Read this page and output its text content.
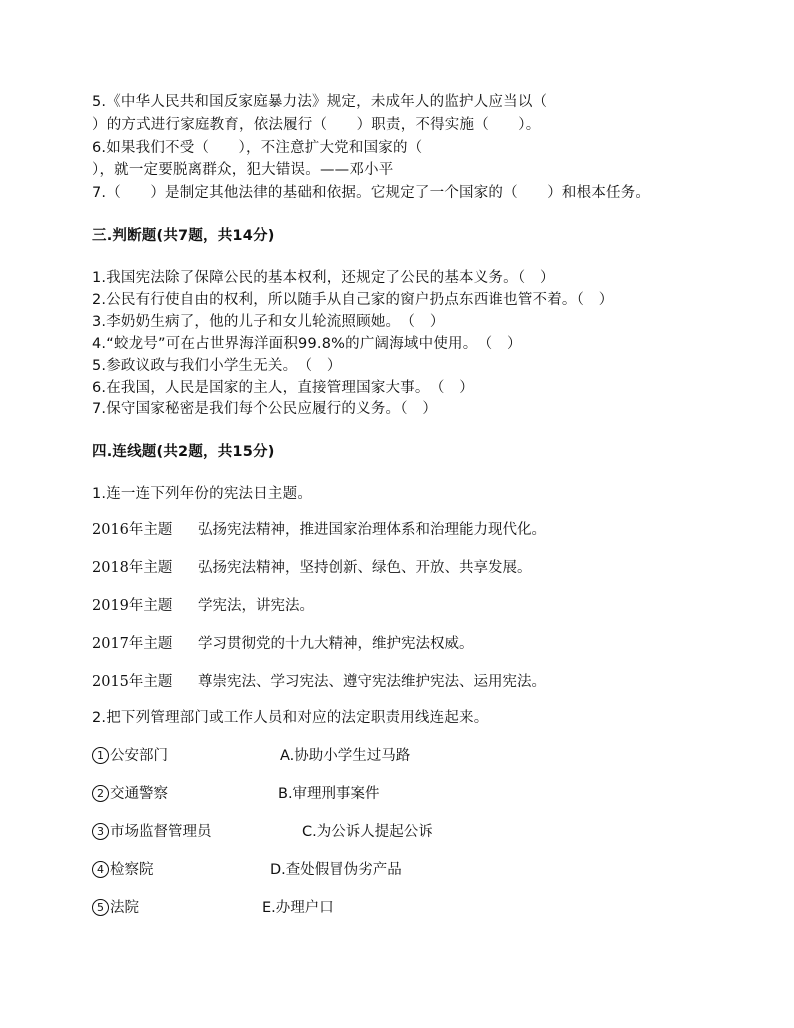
5.《中华人民共和国反家庭暴力法》规定，未成年人的监护人应当以（
）的方式进行家庭教育，依法履行（　　）职责，不得实施（　　）。
6.如果我们不受（　　），不注意扩大党和国家的（
），就一定要脱离群众，犯大错误。——邓小平
7.（　　）是制定其他法律的基础和依据。它规定了一个国家的（　　）和根本任务。
三.判断题(共7题，共14分)
1.我国宪法除了保障公民的基本权利，还规定了公民的基本义务。（　）
2.公民有行使自由的权利，所以随手从自己家的窗户扔点东西谁也管不着。（　）
3.李奶奶生病了，他的儿子和女儿轮流照顾她。　（　）
4.“蛟龙号”可在占世界海洋面积99.8%的广阔海域中使用。　（　）
5.参政议政与我们小学生无关。　（　）
6.在我国，人民是国家的主人，直接管理国家大事。　（　）
7.保守国家秘密是我们每个公民应履行的义务。（　）
四.连线题(共2题，共15分)
1.连一连下列年份的宪法日主题。
2016年主题 弘扬宪法精神，推进国家治理体系和治理能力现代化。
2018年主题 弘扬宪法精神，坚持创新、绿色、开放、共享发展。
2019年主题 学宪法，讲宪法。
2017年主题 学习贯彻党的十九大精神，维护宪法权威。
2015年主题 尊崇宪法、学习宪法、遵守宪法维护宪法、运用宪法。
2.把下列管理部门或工作人员和对应的法定职责用线连起来。
1 公安部门	A.协助小学生过马路
2 交通警察	B.审理刑事案件
3 市场监督管理员	C.为公诉人提起公诉
4 检察院	D.查处假冒伪劣产品
5 法院	E.办理户口
